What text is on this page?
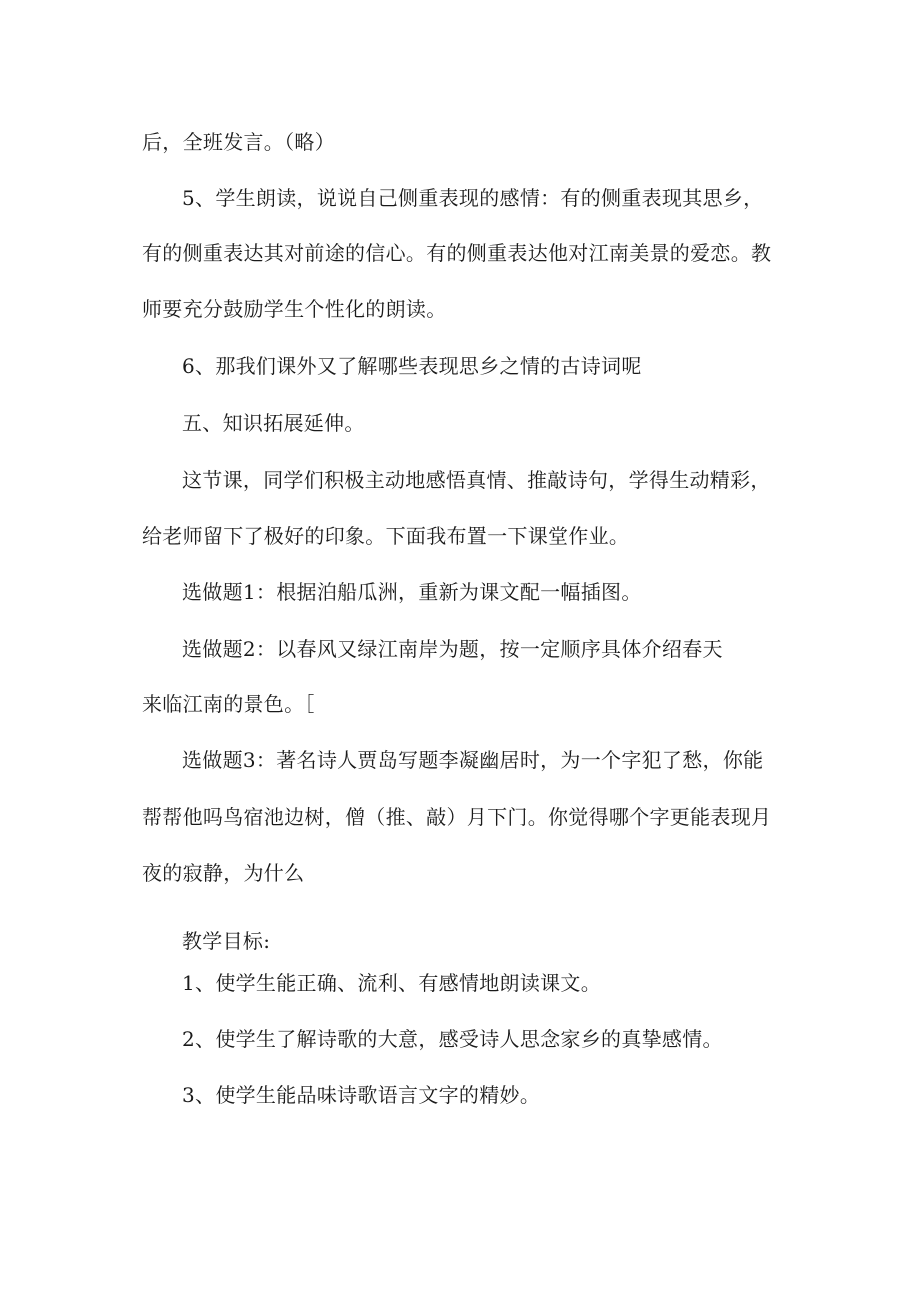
后，全班发言。（略）

5、学生朗读，说说自己侧重表现的感情：有的侧重表现其思乡，

有的侧重表达其对前途的信心。有的侧重表达他对江南美景的爱恋。教

师要充分鼓励学生个性化的朗读。

6、那我们课外又了解哪些表现思乡之情的古诗词呢

五、知识拓展延伸。

这节课，同学们积极主动地感悟真情、推敲诗句，学得生动精彩，

给老师留下了极好的印象。下面我布置一下课堂作业。

选做题1：根据泊船瓜洲，重新为课文配一幅插图。

选做题2：以春风又绿江南岸为题，按一定顺序具体介绍春天

来临江南的景色。［

选做题3：著名诗人贾岛写题李凝幽居时，为一个字犯了愁，你能

帮帮他吗鸟宿池边树，僧（推、敲）月下门。你觉得哪个字更能表现月

夜的寂静，为什么

教学目标:

1、使学生能正确、流利、有感情地朗读课文。

2、使学生了解诗歌的大意，感受诗人思念家乡的真挚感情。

3、使学生能品味诗歌语言文字的精妙。
